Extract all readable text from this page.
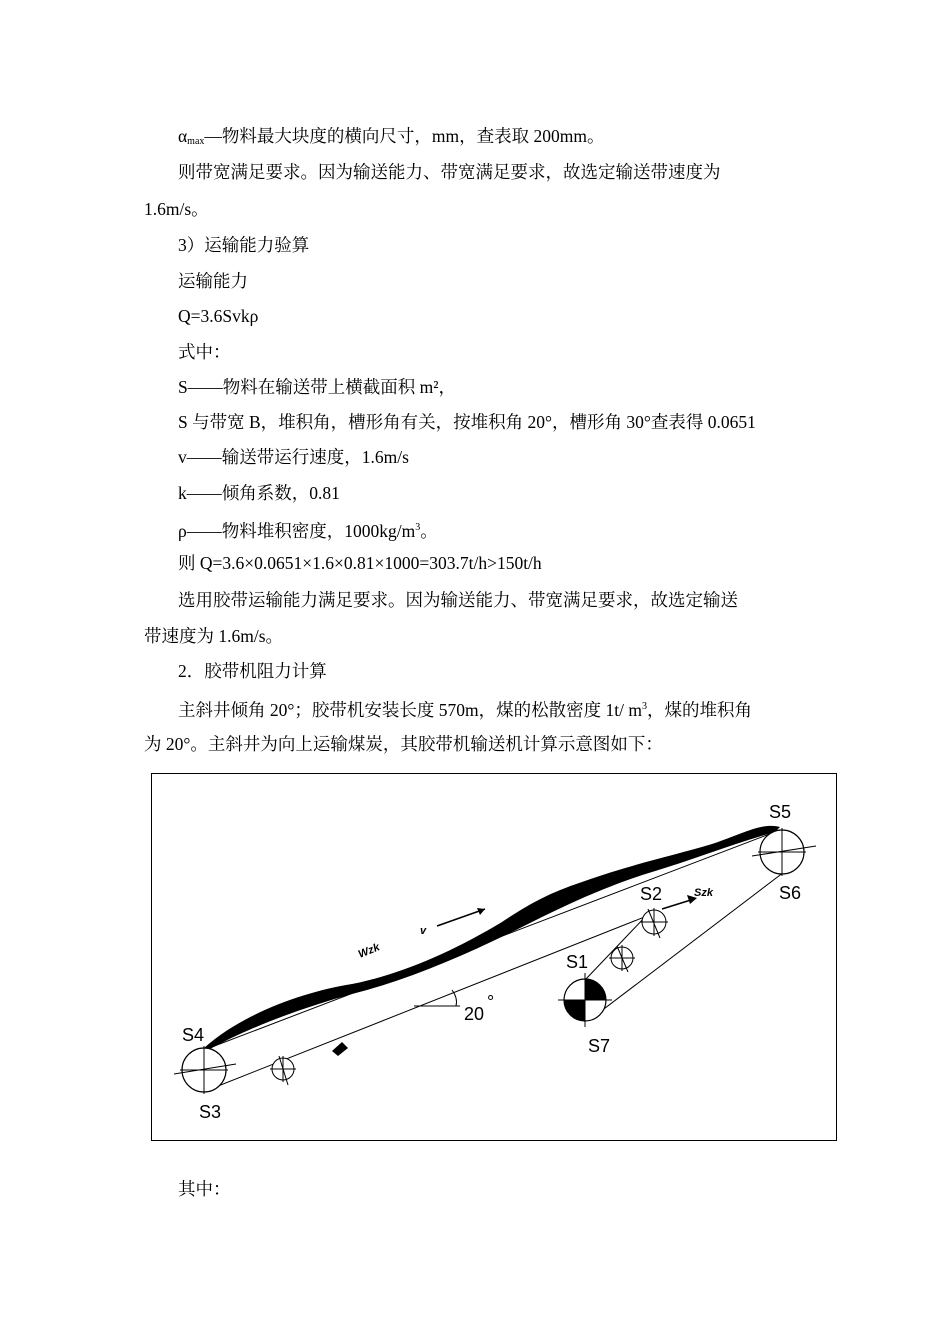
$\alpha_{max}—$物料最大块度的横向尺寸，mm，查表取 200mm。
则带宽满足要求。因为输送能力、带宽满足要求，故选定输送带速度为
1.6m/s。
3）运输能力验算
运输能力
Q=3.6Svkρ
式中：
S——物料在输送带上横截面积 m²，
S 与带宽 B，堆积角，槽形角有关，按堆积角 20°，槽形角 30°查表得 0.0651
v——输送带运行速度，1.6m/s
k——倾角系数，0.81
ρ——物料堆积密度，$1000kg/m^3$。
则 Q=3.6×0.0651×1.6×0.81×1000=303.7t/h>150t/h
选用胶带运输能力满足要求。因为输送能力、带宽满足要求，故选定输送
带速度为 1.6m/s。
2．胶带机阻力计算
主斜井倾角 20°；胶带机安装长度 570m，煤的松散密度 1t/ $m^3$，煤的堆积角
为 20°。主斜井为向上运输煤炭，其胶带机输送机计算示意图如下：
S4
S3
S5
S6
S2
S1
S7
20
°
Szk
v
Wzk
其中：
